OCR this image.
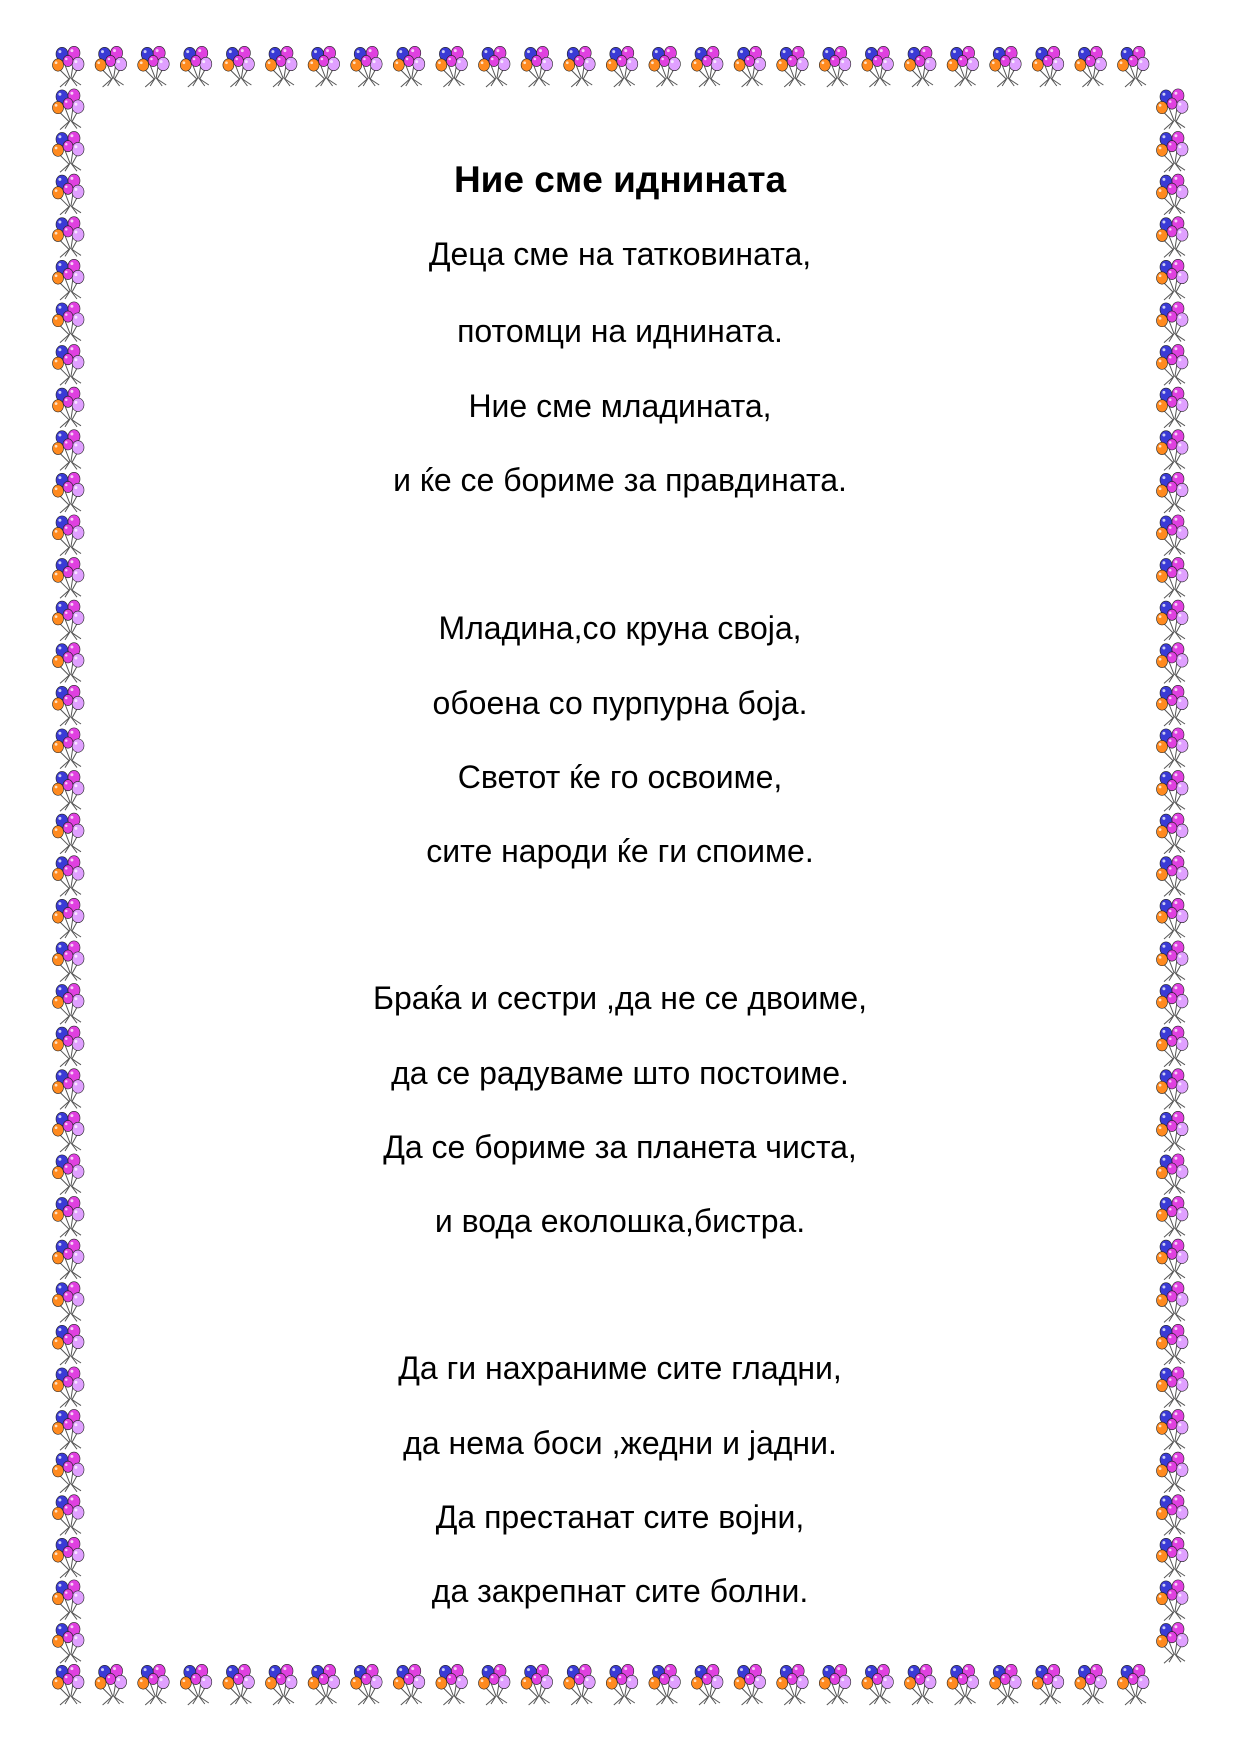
Ние сме иднината

Деца сме на татковината,

потомци на иднината.

Ние сме младината,

и ќе се бориме за правдината.

Младина,со круна своја,

обоена со пурпурна боја.

Светот ќе го освоиме,

сите народи ќе ги споиме.

Браќа и сестри ,да не се двоиме,

да се радуваме што постоиме.

Да се бориме за планета чиста,

и вода еколошка,бистра.

Да ги нахраниме сите гладни,

да нема боси ,жедни и јадни.

Да престанат сите војни,

да закрепнат сите болни.
